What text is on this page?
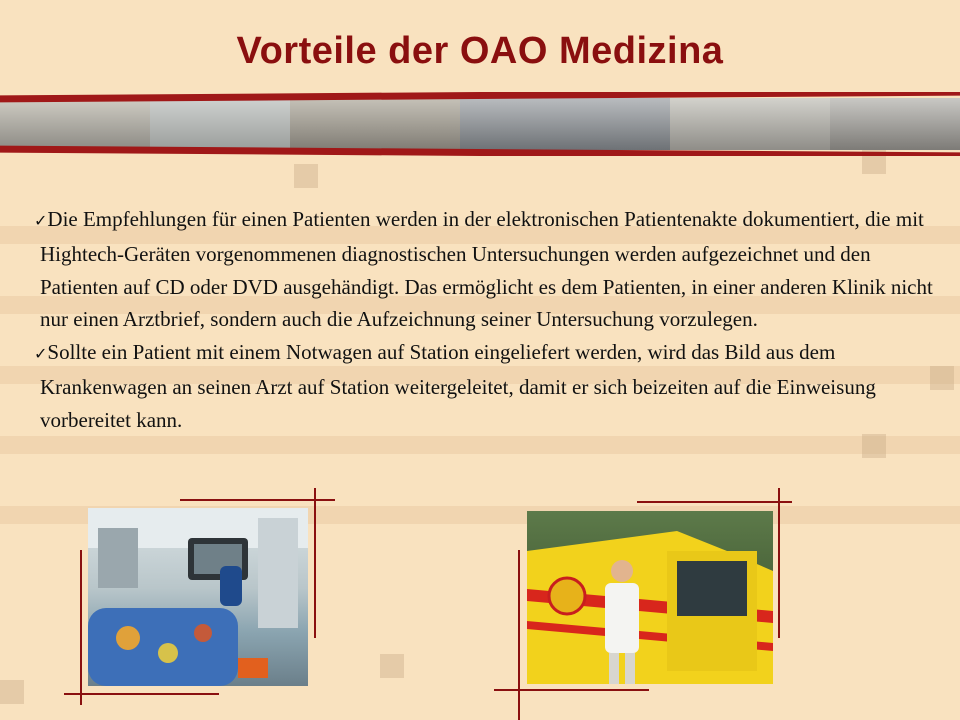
Vorteile der OAO Medizina

✓Die Empfehlungen für einen Patienten werden in der elektronischen Patientenakte dokumentiert, die mit Hightech-Geräten vorgenommenen diagnostischen Untersuchungen werden aufgezeichnet und den Patienten auf CD oder DVD ausgehändigt. Das ermöglicht es dem Patienten, in einer anderen Klinik nicht nur einen Arztbrief, sondern auch die Aufzeichnung seiner Untersuchung vorzulegen.

✓Sollte ein Patient mit einem Notwagen auf Station eingeliefert werden, wird das Bild aus dem Krankenwagen an seinen Arzt auf Station weitergeleitet, damit er sich beizeiten auf die Einweisung vorbereitet kann.
